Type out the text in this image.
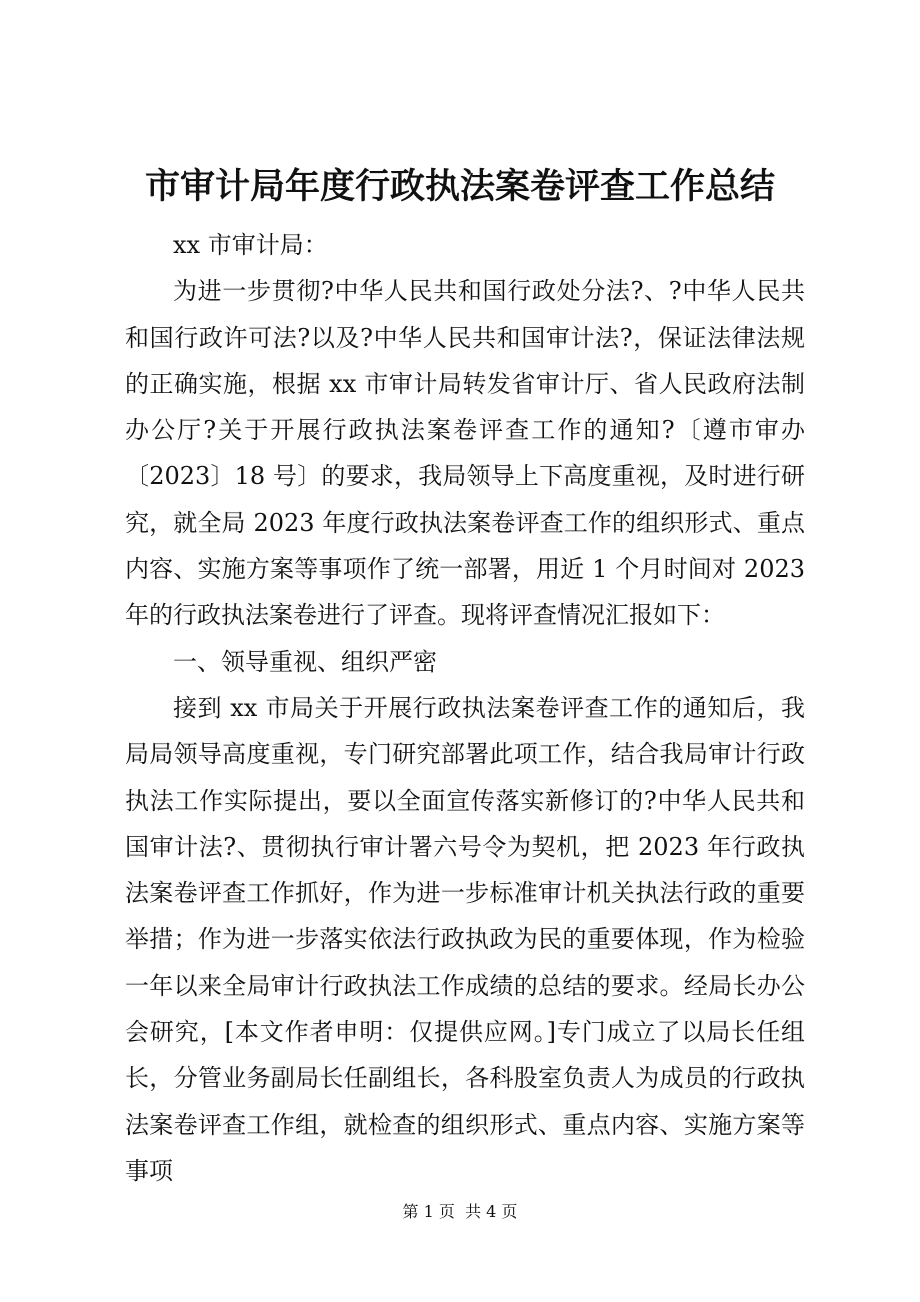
市审计局年度行政执法案卷评查工作总结

xx 市审计局：

为进一步贯彻?中华人民共和国行政处分法?、?中华人民共和国行政许可法?以及?中华人民共和国审计法?，保证法律法规的正确实施，根据 xx 市审计局转发省审计厅、省人民政府法制办公厅?关于开展行政执法案卷评查工作的通知?〔遵市审办〔2023〕18 号〕的要求，我局领导上下高度重视，及时进行研究，就全局 2023 年度行政执法案卷评查工作的组织形式、重点内容、实施方案等事项作了统一部署，用近 1 个月时间对 2023 年的行政执法案卷进行了评查。现将评查情况汇报如下：

一、领导重视、组织严密

接到 xx 市局关于开展行政执法案卷评查工作的通知后，我局局领导高度重视，专门研究部署此项工作，结合我局审计行政执法工作实际提出，要以全面宣传落实新修订的?中华人民共和国审计法?、贯彻执行审计署六号令为契机，把 2023 年行政执法案卷评查工作抓好，作为进一步标准审计机关执法行政的重要举措；作为进一步落实依法行政执政为民的重要体现，作为检验一年以来全局审计行政执法工作成绩的总结的要求。经局长办公会研究，[本文作者申明：仅提供应网。]专门成立了以局长任组长，分管业务副局长任副组长，各科股室负责人为成员的行政执法案卷评查工作组，就检查的组织形式、重点内容、实施方案等事项

第 1 页  共 4 页
